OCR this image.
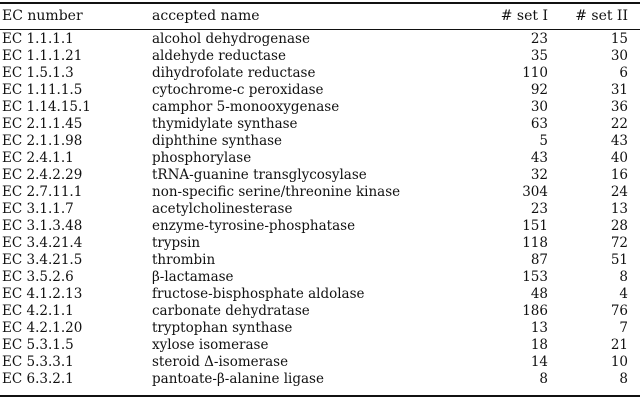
EC number	accepted name	# set I # set II
EC 1.1.1.1	alcohol dehydrogenase	23	15
EC 1.1.1.21	aldehyde reductase	35	30
EC 1.5.1.3	dihydrofolate reductase	110	6
EC 1.11.1.5	cytochrome-c peroxidase	92	31
EC 1.14.15.1	camphor 5-monooxygenase	30	36
EC 2.1.1.45	thymidylate synthase	63	22
EC 2.1.1.98	diphthine synthase	5	43
EC 2.4.1.1	phosphorylase	43	40
EC 2.4.2.29	tRNA-guanine transglycosylase	32	16
EC 2.7.11.1	non-specific serine/threonine kinase	304	24
EC 3.1.1.7	acetylcholinesterase	23	13
EC 3.1.3.48	enzyme-tyrosine-phosphatase	151	28
EC 3.4.21.4	trypsin	118	72
EC 3.4.21.5	thrombin	87	51
EC 3.5.2.6	β-lactamase	153	8
EC 4.1.2.13	fructose-bisphosphate aldolase	48	4
EC 4.2.1.1	carbonate dehydratase	186	76
EC 4.2.1.20	tryptophan synthase	13	7
EC 5.3.1.5	xylose isomerase	18	21
EC 5.3.3.1	steroid Δ-isomerase	14	10
EC 6.3.2.1	pantoate-β-alanine ligase	8	8
